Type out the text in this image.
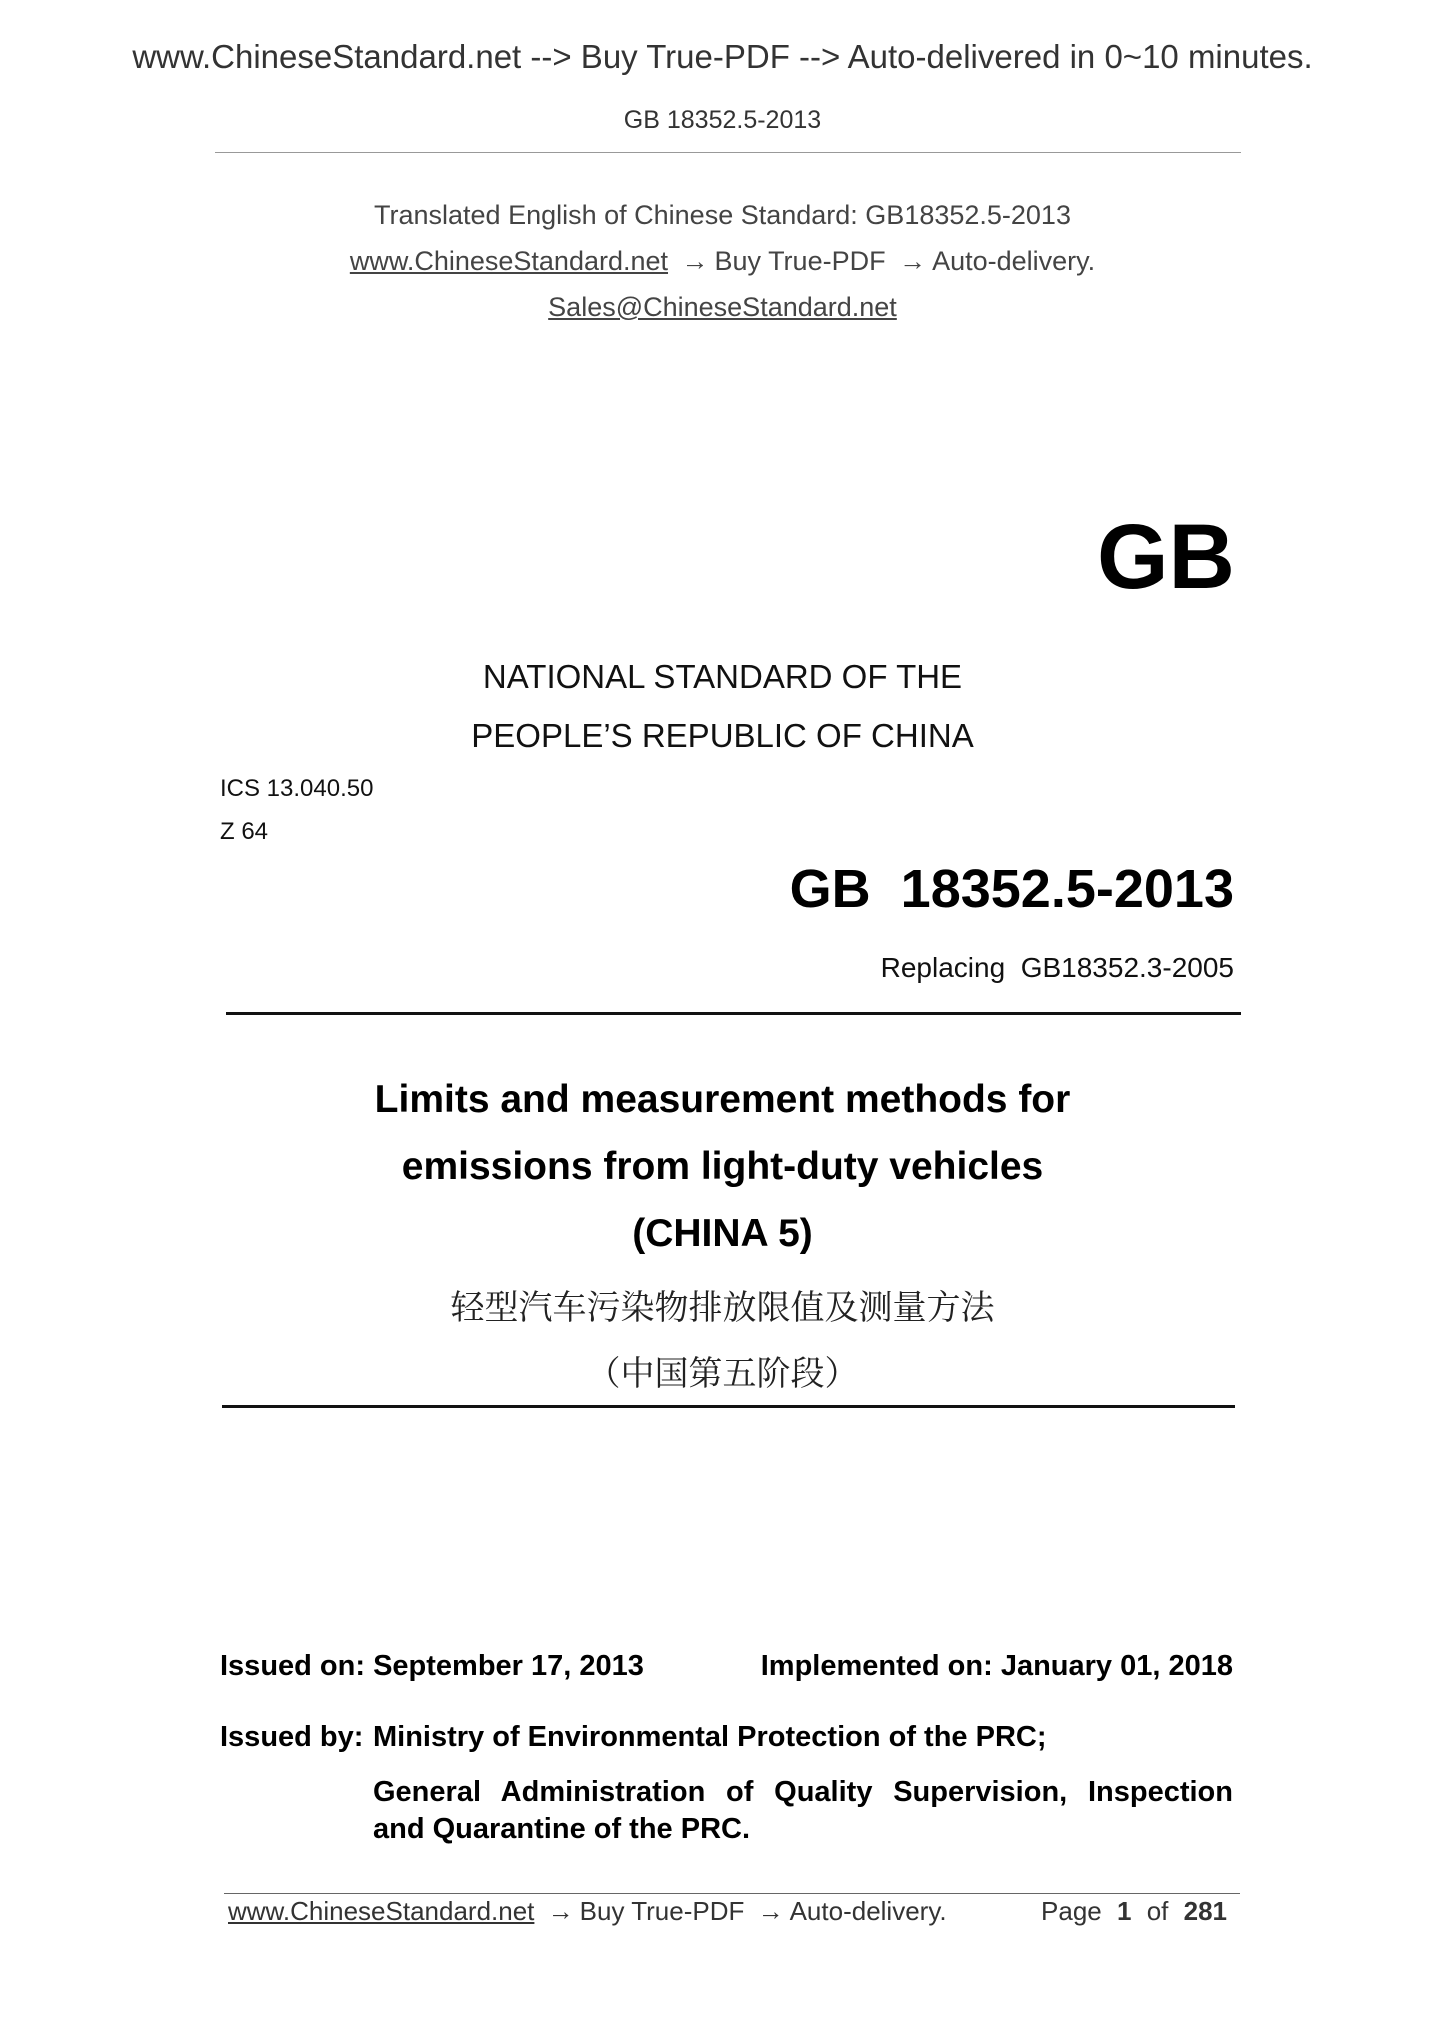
www.ChineseStandard.net --> Buy True-PDF --> Auto-delivered in 0~10 minutes.
GB 18352.5-2013
Translated English of Chinese Standard: GB18352.5-2013
www.ChineseStandard.net → Buy True-PDF → Auto-delivery.
Sales@ChineseStandard.net
GB
NATIONAL STANDARD OF THE
PEOPLE’S REPUBLIC OF CHINA
ICS 13.040.50
Z 64
GB  18352.5-2013
Replacing  GB18352.3-2005
Limits and measurement methods for
emissions from light-duty vehicles
(CHINA 5)
轻型汽车污染物排放限值及测量方法
（中国第五阶段）
Issued on: September 17, 2013	Implemented on: January 01, 2018
Issued by: Ministry of Environmental Protection of the PRC;
General Administration of Quality Supervision, Inspection
and Quarantine of the PRC.
www.ChineseStandard.net → Buy True-PDF → Auto-delivery.	Page 1 of 281
